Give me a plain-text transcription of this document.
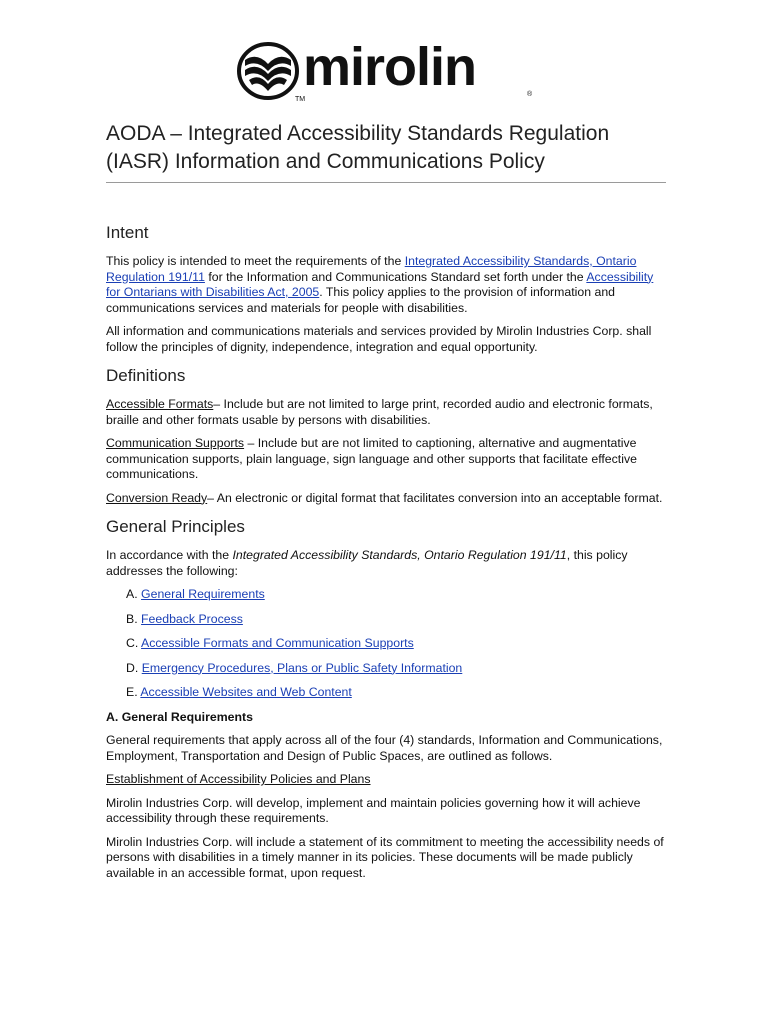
mirolin
TM
®
AODA – Integrated Accessibility Standards Regulation (IASR) Information and Communications Policy
Intent

This policy is intended to meet the requirements of the Integrated Accessibility Standards, Ontario Regulation 191/11 for the Information and Communications Standard set forth under the Accessibility for Ontarians with Disabilities Act, 2005. This policy applies to the provision of information and communications services and materials for people with disabilities.

All information and communications materials and services provided by Mirolin Industries Corp. shall follow the principles of dignity, independence, integration and equal opportunity.

Definitions

Accessible Formats– Include but are not limited to large print, recorded audio and electronic formats, braille and other formats usable by persons with disabilities.

Communication Supports – Include but are not limited to captioning, alternative and augmentative communication supports, plain language, sign language and other supports that facilitate effective communications.

Conversion Ready– An electronic or digital format that facilitates conversion into an acceptable format.

General Principles

In accordance with the Integrated Accessibility Standards, Ontario Regulation 191/11, this policy addresses the following:

A. General Requirements
B. Feedback Process
C. Accessible Formats and Communication Supports
D. Emergency Procedures, Plans or Public Safety Information
E. Accessible Websites and Web Content

A. General Requirements

General requirements that apply across all of the four (4) standards, Information and Communications, Employment, Transportation and Design of Public Spaces, are outlined as follows.

Establishment of Accessibility Policies and Plans

Mirolin Industries Corp. will develop, implement and maintain policies governing how it will achieve accessibility through these requirements.

Mirolin Industries Corp. will include a statement of its commitment to meeting the accessibility needs of persons with disabilities in a timely manner in its policies. These documents will be made publicly available in an accessible format, upon request.
